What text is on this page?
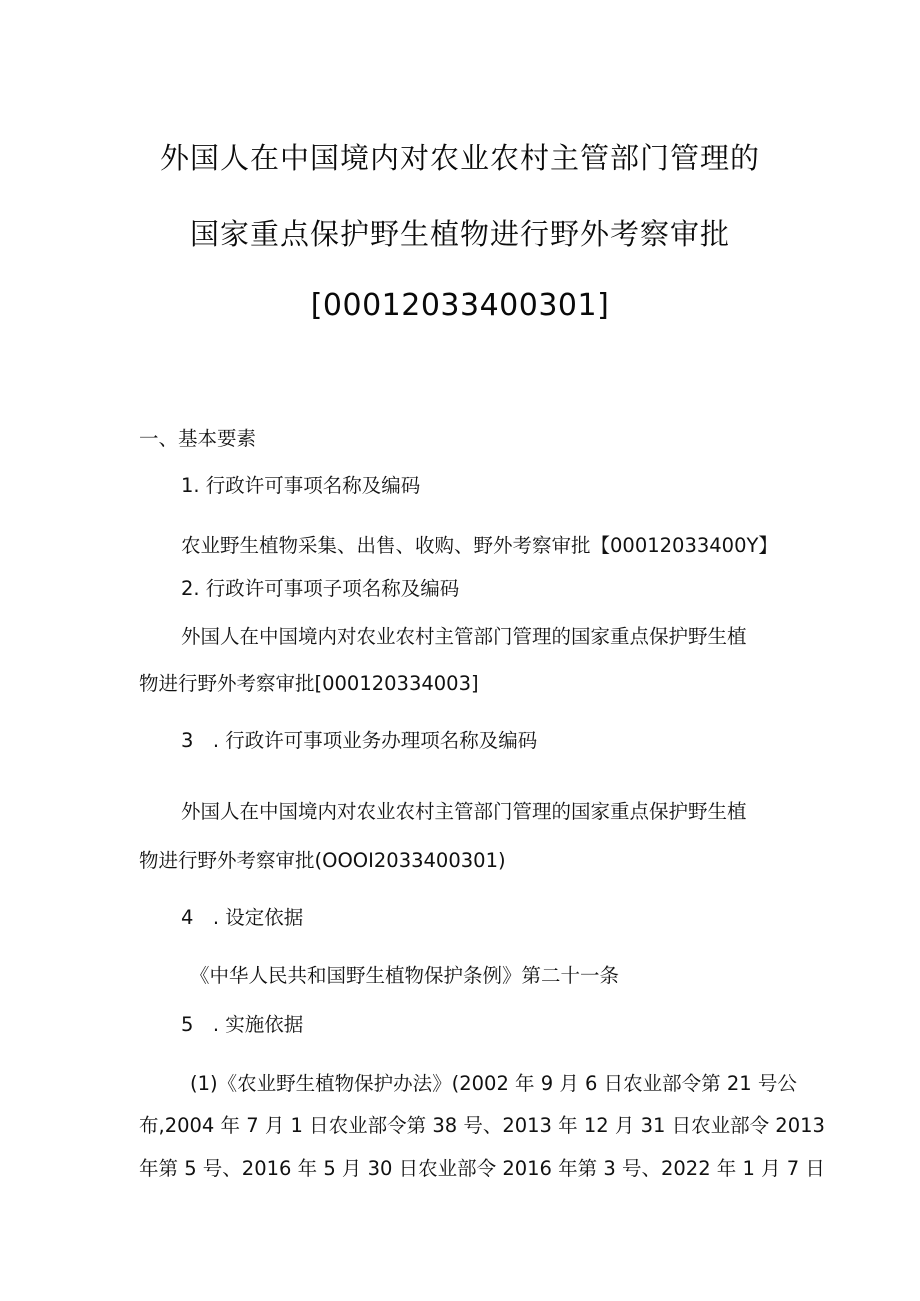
外国人在中国境内对农业农村主管部门管理的
国家重点保护野生植物进行野外考察审批
[00012033400301]
一、基本要素
1. 行政许可事项名称及编码
农业野生植物采集、出售、收购、野外考察审批【00012033400Y】
2. 行政许可事项子项名称及编码
外国人在中国境内对农业农村主管部门管理的国家重点保护野生植
物进行野外考察审批[000120334003]
3　. 行政许可事项业务办理项名称及编码
外国人在中国境内对农业农村主管部门管理的国家重点保护野生植
物进行野外考察审批(OOOI2033400301)
4　. 设定依据
《中华人民共和国野生植物保护条例》第二十一条
5　. 实施依据
(1)《农业野生植物保护办法》(2002 年 9 月 6 日农业部令第 21 号公
布,2004 年 7 月 1 日农业部令第 38 号、2013 年 12 月 31 日农业部令 2013
年第 5 号、2016 年 5 月 30 日农业部令 2016 年第 3 号、2022 年 1 月 7 日
